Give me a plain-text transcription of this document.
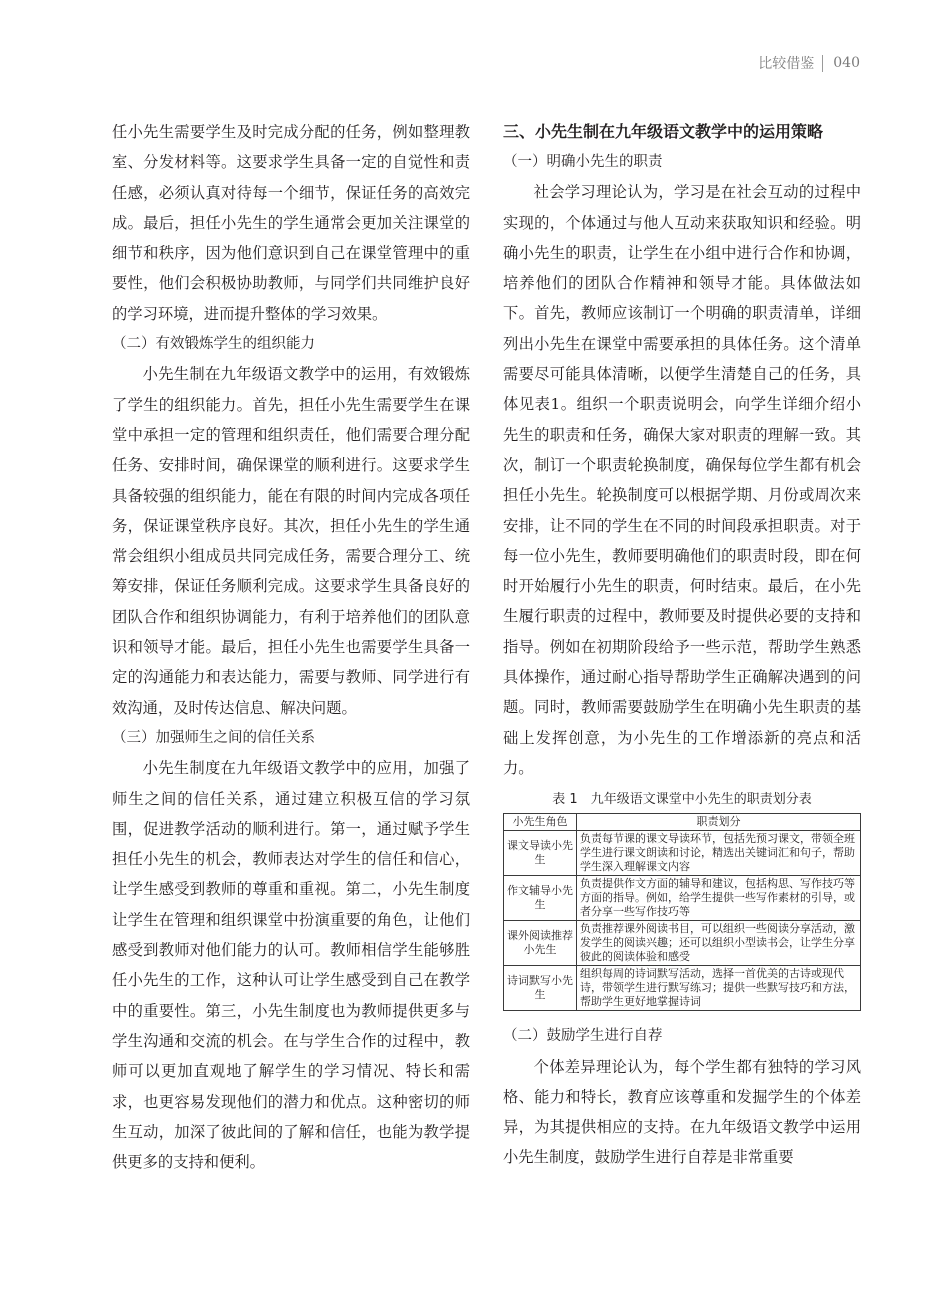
比较借鉴 040

任小先生需要学生及时完成分配的任务，例如整理教室、分发材料等。这要求学生具备一定的自觉性和责任感，必须认真对待每一个细节，保证任务的高效完成。最后，担任小先生的学生通常会更加关注课堂的细节和秩序，因为他们意识到自己在课堂管理中的重要性，他们会积极协助教师，与同学们共同维护良好的学习环境，进而提升整体的学习效果。

（二）有效锻炼学生的组织能力

小先生制在九年级语文教学中的运用，有效锻炼了学生的组织能力。首先，担任小先生需要学生在课堂中承担一定的管理和组织责任，他们需要合理分配任务、安排时间，确保课堂的顺利进行。这要求学生具备较强的组织能力，能在有限的时间内完成各项任务，保证课堂秩序良好。其次，担任小先生的学生通常会组织小组成员共同完成任务，需要合理分工、统筹安排，保证任务顺利完成。这要求学生具备良好的团队合作和组织协调能力，有利于培养他们的团队意识和领导才能。最后，担任小先生也需要学生具备一定的沟通能力和表达能力，需要与教师、同学进行有效沟通，及时传达信息、解决问题。

（三）加强师生之间的信任关系

小先生制度在九年级语文教学中的应用，加强了师生之间的信任关系，通过建立积极互信的学习氛围，促进教学活动的顺利进行。第一，通过赋予学生担任小先生的机会，教师表达对学生的信任和信心，让学生感受到教师的尊重和重视。第二，小先生制度让学生在管理和组织课堂中扮演重要的角色，让他们感受到教师对他们能力的认可。教师相信学生能够胜任小先生的工作，这种认可让学生感受到自己在教学中的重要性。第三，小先生制度也为教师提供更多与学生沟通和交流的机会。在与学生合作的过程中，教师可以更加直观地了解学生的学习情况、特长和需求，也更容易发现他们的潜力和优点。这种密切的师生互动，加深了彼此间的了解和信任，也能为教学提供更多的支持和便利。

三、小先生制在九年级语文教学中的运用策略

（一）明确小先生的职责

社会学习理论认为，学习是在社会互动的过程中实现的，个体通过与他人互动来获取知识和经验。明确小先生的职责，让学生在小组中进行合作和协调，培养他们的团队合作精神和领导才能。具体做法如下。首先，教师应该制订一个明确的职责清单，详细列出小先生在课堂中需要承担的具体任务。这个清单需要尽可能具体清晰，以便学生清楚自己的任务，具体见表1。组织一个职责说明会，向学生详细介绍小先生的职责和任务，确保大家对职责的理解一致。其次，制订一个职责轮换制度，确保每位学生都有机会担任小先生。轮换制度可以根据学期、月份或周次来安排，让不同的学生在不同的时间段承担职责。对于每一位小先生，教师要明确他们的职责时段，即在何时开始履行小先生的职责，何时结束。最后，在小先生履行职责的过程中，教师要及时提供必要的支持和指导。例如在初期阶段给予一些示范，帮助学生熟悉具体操作，通过耐心指导帮助学生正确解决遇到的问题。同时，教师需要鼓励学生在明确小先生职责的基础上发挥创意，为小先生的工作增添新的亮点和活力。

表 1　九年级语文课堂中小先生的职责划分表
小先生角色	职责划分
课文导读小先生	负责每节课的课文导读环节，包括先预习课文，带领全班学生进行课文朗读和讨论，精选出关键词汇和句子，帮助学生深入理解课文内容
作文辅导小先生	负责提供作文方面的辅导和建议，包括构思、写作技巧等方面的指导。例如，给学生提供一些写作素材的引导，或者分享一些写作技巧等
课外阅读推荐小先生	负责推荐课外阅读书目，可以组织一些阅读分享活动，激发学生的阅读兴趣；还可以组织小型读书会，让学生分享彼此的阅读体验和感受
诗词默写小先生	组织每周的诗词默写活动，选择一首优美的古诗或现代诗，带领学生进行默写练习；提供一些默写技巧和方法，帮助学生更好地掌握诗词

（二）鼓励学生进行自荐

个体差异理论认为，每个学生都有独特的学习风格、能力和特长，教育应该尊重和发掘学生的个体差异，为其提供相应的支持。在九年级语文教学中运用小先生制度，鼓励学生进行自荐是非常重要
